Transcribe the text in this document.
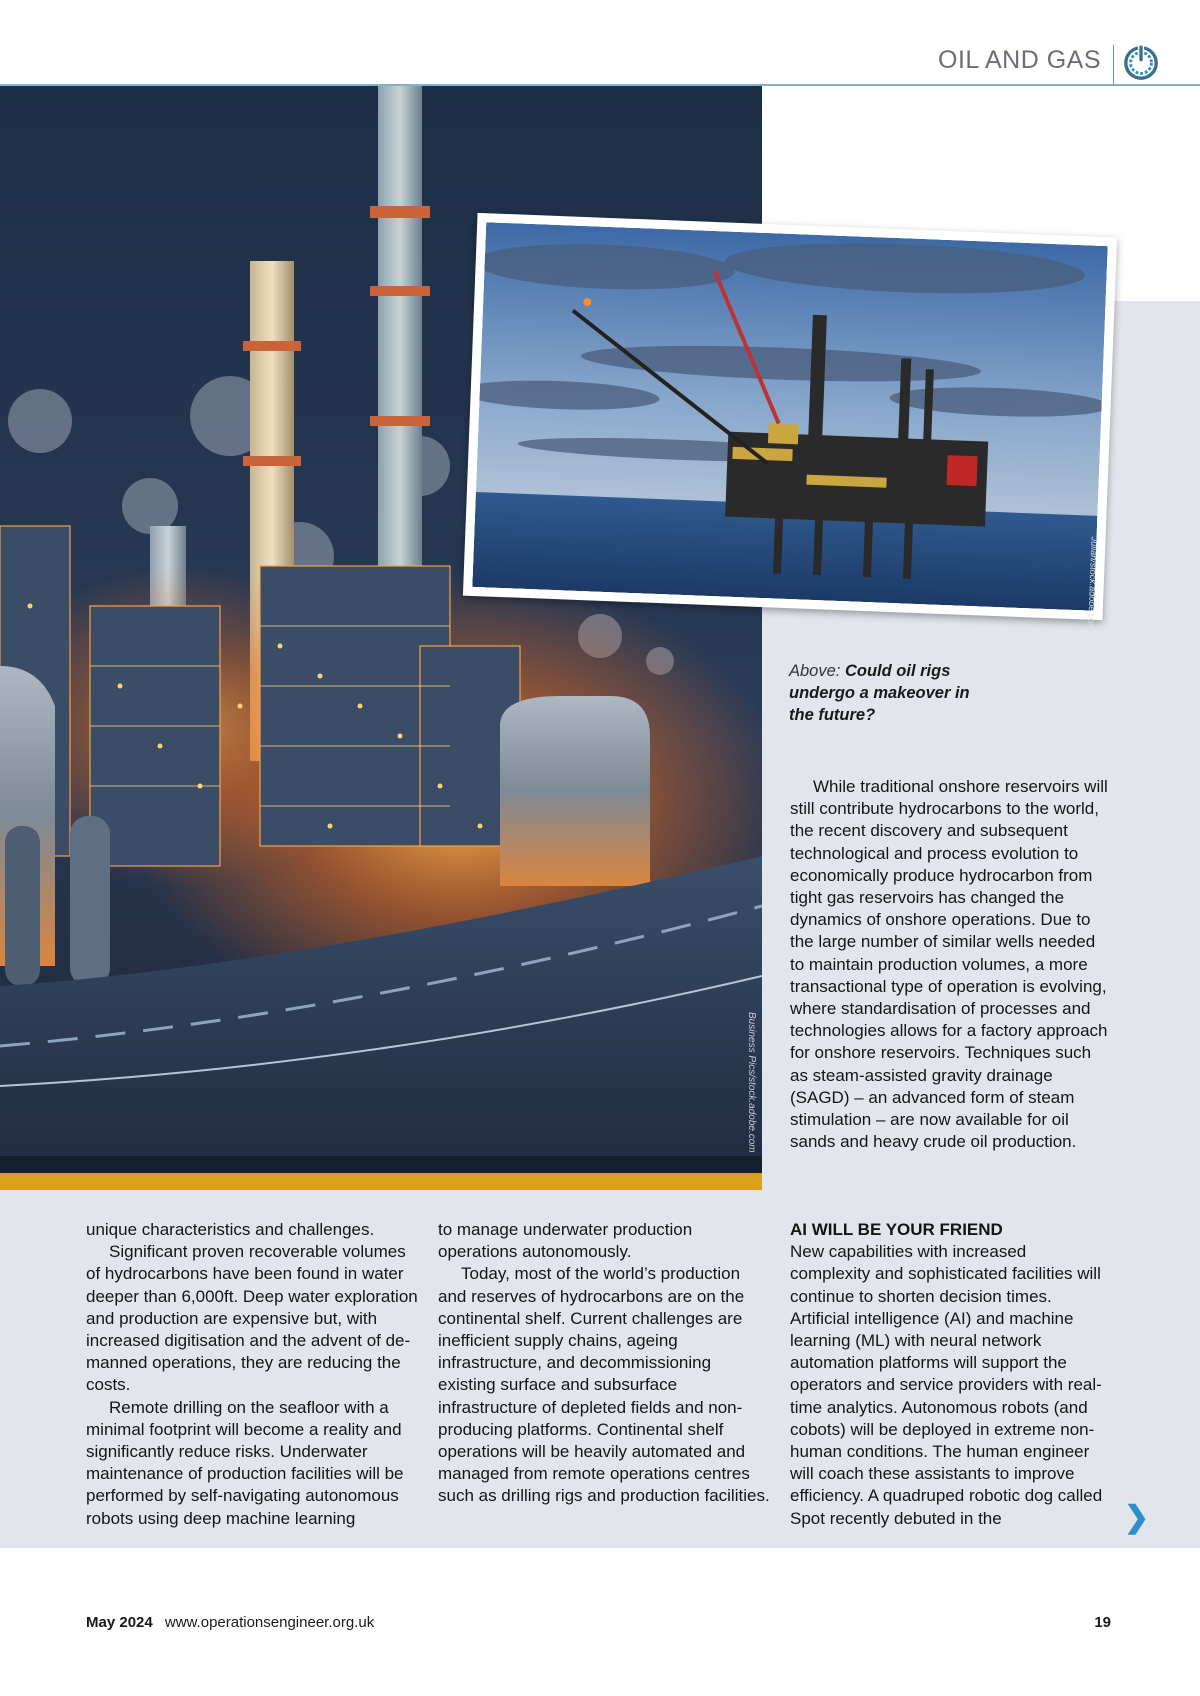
OIL AND GAS
Business Pics/stock.adobe.com
Julian/stock.adobe.com
Above: Could oil rigs undergo a makeover in the future?

While traditional onshore reservoirs will still contribute hydrocarbons to the world, the recent discovery and subsequent technological and process evolution to economically produce hydrocarbon from tight gas reservoirs has changed the dynamics of onshore operations. Due to the large number of similar wells needed to maintain production volumes, a more transactional type of operation is evolving, where standardisation of processes and technologies allows for a factory approach for onshore reservoirs. Techniques such as steam-assisted gravity drainage (SAGD) – an advanced form of steam stimulation – are now available for oil sands and heavy crude oil production.

unique characteristics and challenges.

Significant proven recoverable volumes of hydrocarbons have been found in water deeper than 6,000ft. Deep water exploration and production are expensive but, with increased digitisation and the advent of de-manned operations, they are reducing the costs.

Remote drilling on the seafloor with a minimal footprint will become a reality and significantly reduce risks. Underwater maintenance of production facilities will be performed by self-navigating autonomous robots using deep machine learning

to manage underwater production operations autonomously.

Today, most of the world’s production and reserves of hydrocarbons are on the continental shelf. Current challenges are inefficient supply chains, ageing infrastructure, and decommissioning existing surface and subsurface infrastructure of depleted fields and non-producing platforms. Continental shelf operations will be heavily automated and managed from remote operations centres such as drilling rigs and production facilities.

AI WILL BE YOUR FRIEND

New capabilities with increased complexity and sophisticated facilities will continue to shorten decision times. Artificial intelligence (AI) and machine learning (ML) with neural network automation platforms will support the operators and service providers with real-time analytics. Autonomous robots (and cobots) will be deployed in extreme non-human conditions. The human engineer will coach these assistants to improve efficiency. A quadruped robotic dog called Spot recently debuted in the	❯
May 2024 www.operationsengineer.org.uk	19
